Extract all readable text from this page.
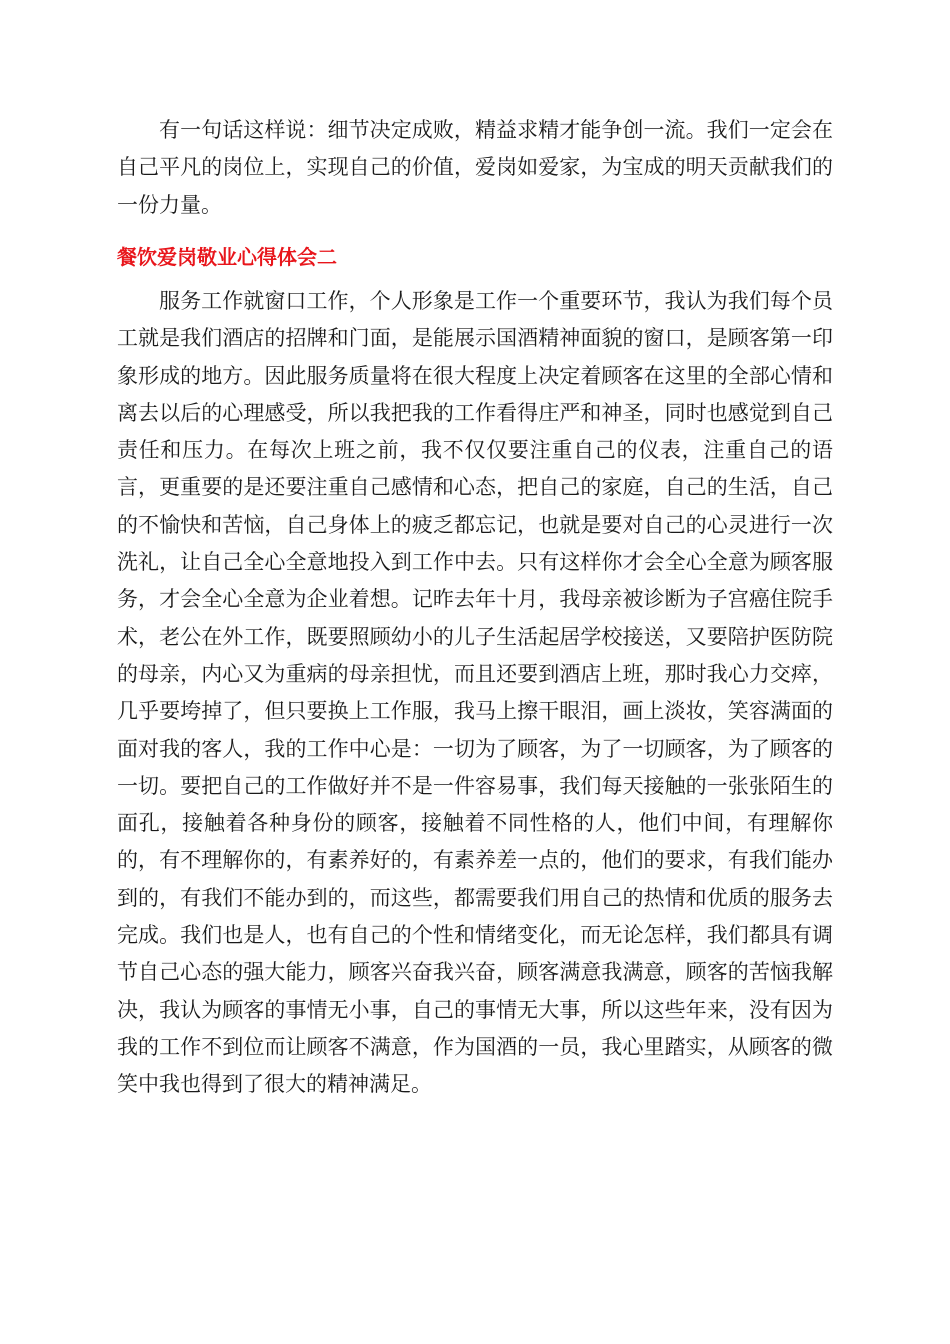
有一句话这样说：细节决定成败，精益求精才能争创一流。我们一定会在自己平凡的岗位上，实现自己的价值，爱岗如爱家，为宝成的明天贡献我们的一份力量。

餐饮爱岗敬业心得体会二

服务工作就窗口工作，个人形象是工作一个重要环节，我认为我们每个员工就是我们酒店的招牌和门面，是能展示国酒精神面貌的窗口，是顾客第一印象形成的地方。因此服务质量将在很大程度上决定着顾客在这里的全部心情和离去以后的心理感受，所以我把我的工作看得庄严和神圣，同时也感觉到自己责任和压力。在每次上班之前，我不仅仅要注重自己的仪表，注重自己的语言，更重要的是还要注重自己感情和心态，把自己的家庭，自己的生活，自己的不愉快和苦恼，自己身体上的疲乏都忘记，也就是要对自己的心灵进行一次洗礼，让自己全心全意地投入到工作中去。只有这样你才会全心全意为顾客服务，才会全心全意为企业着想。记昨去年十月，我母亲被诊断为子宫癌住院手术，老公在外工作，既要照顾幼小的儿子生活起居学校接送，又要陪护医防院的母亲，内心又为重病的母亲担忧，而且还要到酒店上班，那时我心力交瘁，几乎要垮掉了，但只要换上工作服，我马上擦干眼泪，画上淡妆，笑容满面的面对我的客人，我的工作中心是：一切为了顾客，为了一切顾客，为了顾客的一切。要把自己的工作做好并不是一件容易事，我们每天接触的一张张陌生的面孔，接触着各种身份的顾客，接触着不同性格的人，他们中间，有理解你的，有不理解你的，有素养好的，有素养差一点的，他们的要求，有我们能办到的，有我们不能办到的，而这些，都需要我们用自己的热情和优质的服务去完成。我们也是人，也有自己的个性和情绪变化，而无论怎样，我们都具有调节自己心态的强大能力，顾客兴奋我兴奋，顾客满意我满意，顾客的苦恼我解决，我认为顾客的事情无小事，自己的事情无大事，所以这些年来，没有因为我的工作不到位而让顾客不满意，作为国酒的一员，我心里踏实，从顾客的微笑中我也得到了很大的精神满足。
